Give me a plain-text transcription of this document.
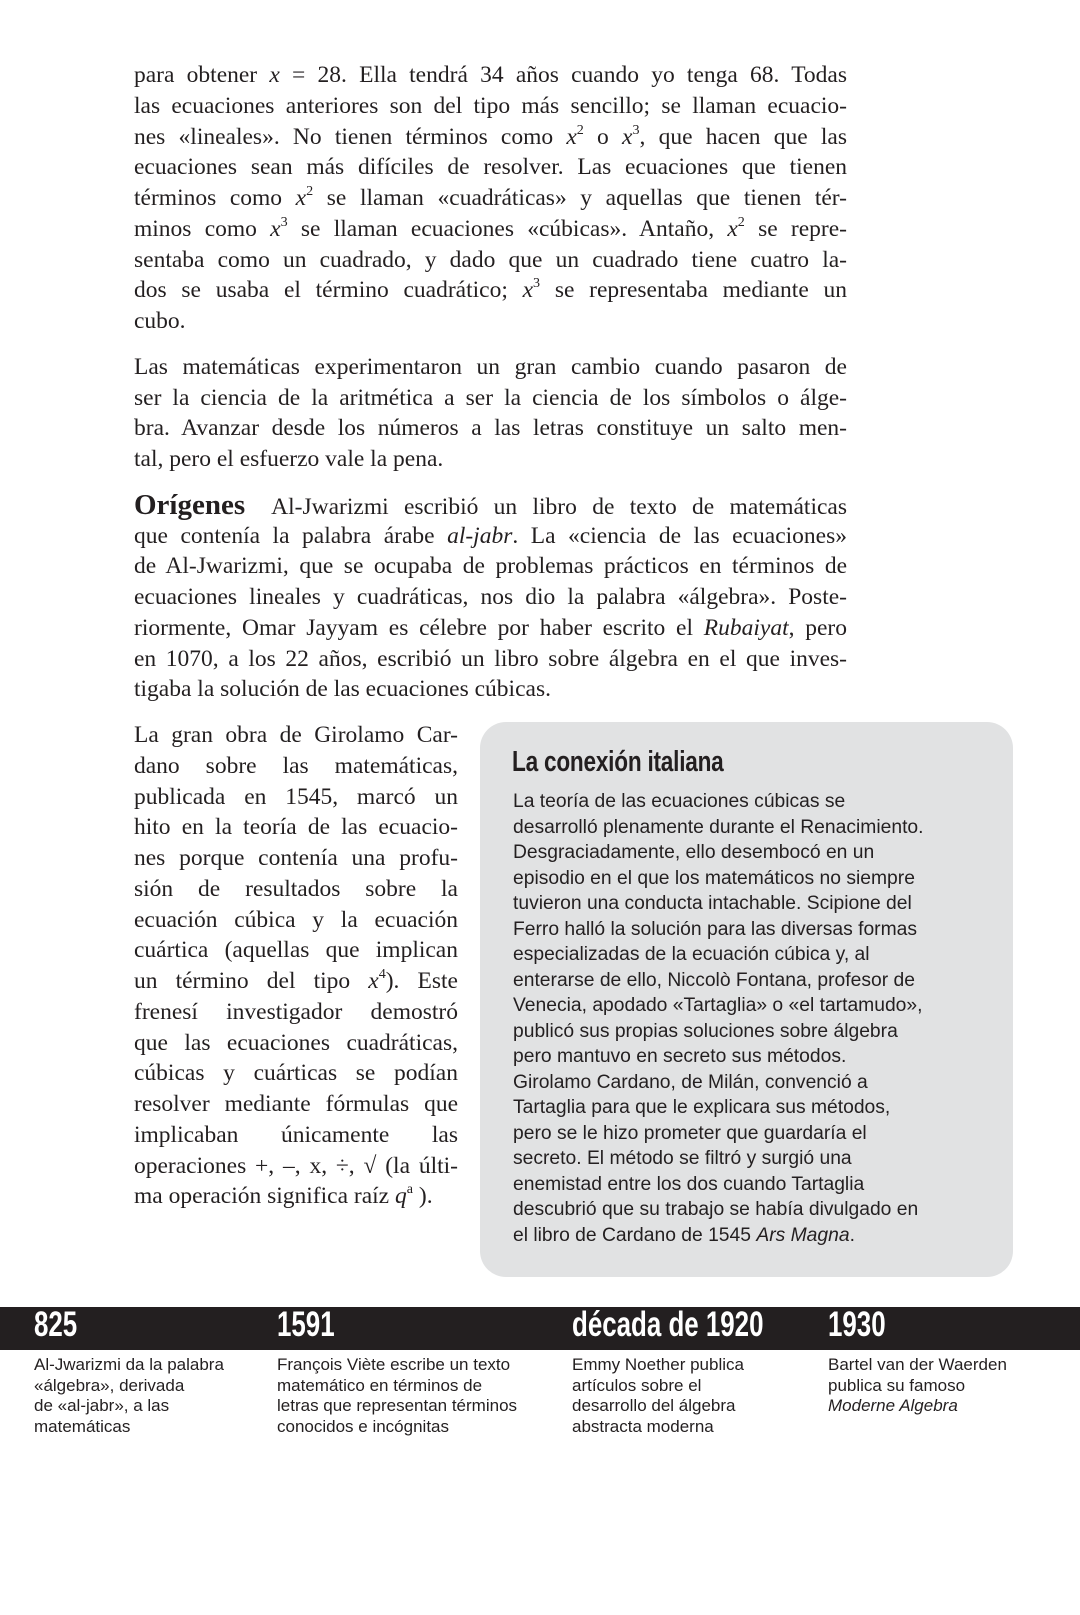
para obtener x = 28. Ella tendrá 34 años cuando yo tenga 68. Todas
las ecuaciones anteriores son del tipo más sencillo; se llaman ecuacio-
nes «lineales». No tienen términos como $x^2$ o $x^3$, que hacen que las
ecuaciones sean más difíciles de resolver. Las ecuaciones que tienen
términos como $x^2$ se llaman «cuadráticas» y aquellas que tienen tér-
minos como $x^3$ se llaman ecuaciones «cúbicas». Antaño, $x^2$ se repre-
sentaba como un cuadrado, y dado que un cuadrado tiene cuatro la-
dos se usaba el término cuadrático; $x^3$ se representaba mediante un
cubo.
Las matemáticas experimentaron un gran cambio cuando pasaron de
ser la ciencia de la aritmética a ser la ciencia de los símbolos o álge-
bra. Avanzar desde los números a las letras constituye un salto men-
tal, pero el esfuerzo vale la pena.
Orígenes Al-Jwarizmi escribió un libro de texto de matemáticas
que contenía la palabra árabe al-jabr. La «ciencia de las ecuaciones»
de Al-Jwarizmi, que se ocupaba de problemas prácticos en términos de
ecuaciones lineales y cuadráticas, nos dio la palabra «álgebra». Poste-
riormente, Omar Jayyam es célebre por haber escrito el Rubaiyat, pero
en 1070, a los 22 años, escribió un libro sobre álgebra en el que inves-
tigaba la solución de las ecuaciones cúbicas.
La gran obra de Girolamo Car-
dano sobre las matemáticas,
publicada en 1545, marcó un
hito en la teoría de las ecuacio-
nes porque contenía una profu-
sión de resultados sobre la
ecuación cúbica y la ecuación
cuártica (aquellas que implican
un término del tipo $x^4$). Este
frenesí investigador demostró
que las ecuaciones cuadráticas,
cúbicas y cuárticas se podían
resolver mediante fórmulas que
implicaban únicamente las
operaciones +, –, x, ÷, √ (la últi-
ma operación significa raíz $q^a$ ).
La conexión italiana
La teoría de las ecuaciones cúbicas se
desarrolló plenamente durante el Renacimiento.
Desgraciadamente, ello desembocó en un
episodio en el que los matemáticos no siempre
tuvieron una conducta intachable. Scipione del
Ferro halló la solución para las diversas formas
especializadas de la ecuación cúbica y, al
enterarse de ello, Niccolò Fontana, profesor de
Venecia, apodado «Tartaglia» o «el tartamudo»,
publicó sus propias soluciones sobre álgebra
pero mantuvo en secreto sus métodos.
Girolamo Cardano, de Milán, convenció a
Tartaglia para que le explicara sus métodos,
pero se le hizo prometer que guardaría el
secreto. El método se filtró y surgió una
enemistad entre los dos cuando Tartaglia
descubrió que su trabajo se había divulgado en
el libro de Cardano de 1545 Ars Magna.
825
Al-Jwarizmi da la palabra
«álgebra», derivada
de «al-jabr», a las
matemáticas
1591
François Viète escribe un texto
matemático en términos de
letras que representan términos
conocidos e incógnitas
década de 1920
Emmy Noether publica
artículos sobre el
desarrollo del álgebra
abstracta moderna
1930
Bartel van der Waerden
publica su famoso
Moderne Algebra
